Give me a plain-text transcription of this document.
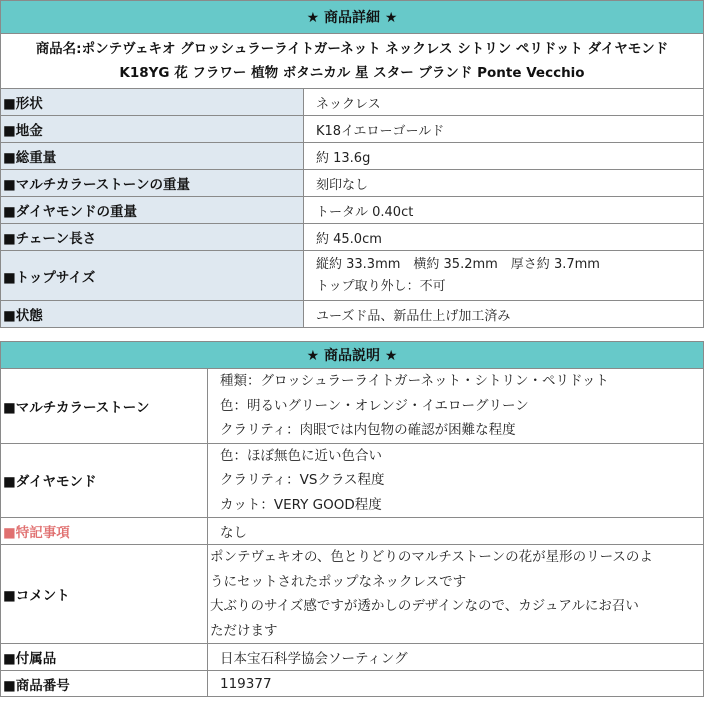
★ 商品詳細 ★	

商品名:ポンテヴェキオ グロッシュラーライトガーネット ネックレス シトリン ペリドット ダイヤモンド
K18YG 花 フラワー 植物 ボタニカル 星 スター ブランド Ponte Vecchio	

■形状	ネックレス
■地金	K18イエローゴールド
■総重量	約 13.6g
■マルチカラーストーンの重量	刻印なし
■ダイヤモンドの重量	トータル 0.40ct
■チェーン長さ	約 45.0cm
■トップサイズ	縦約 33.3mm　横約 35.2mm　厚さ約 3.7mm
トップ取り外し：不可

■状態	ユーズド品、新品仕上げ加工済み
★ 商品説明 ★	
■マルチカラーストーン	種類：グロッシュラーライトガーネット・シトリン・ペリドット
色：明るいグリーン・オレンジ・イエローグリーン
クラリティ：肉眼では内包物の確認が困難な程度

■ダイヤモンド	色：ほぼ無色に近い色合い
クラリティ：VSクラス程度
カット：VERY GOOD程度

■特記事項	なし
■コメント	ポンテヴェキオの、色とりどりのマルチストーンの花が星形のリースのよ
うにセットされたポップなネックレスです
大ぶりのサイズ感ですが透かしのデザインなので、カジュアルにお召い
ただけます

■付属品	日本宝石科学協会ソーティング
■商品番号	119377
